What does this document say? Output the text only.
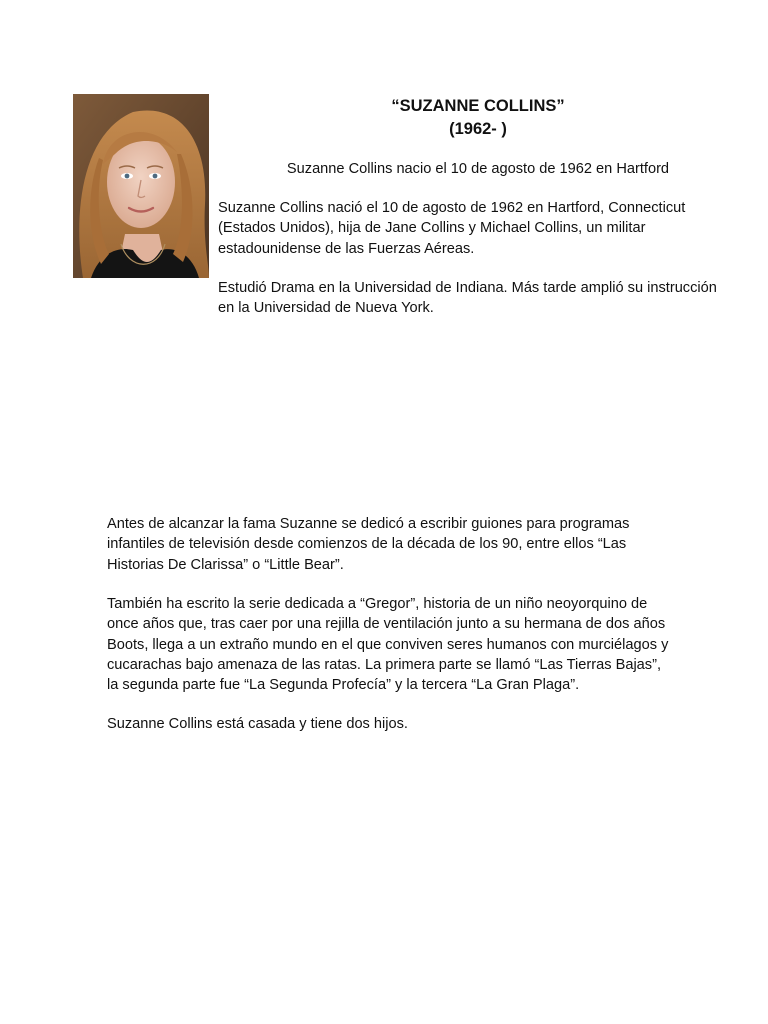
“SUZANNE COLLINS”
(1962- )
Suzanne Collins nacio el 10 de agosto de 1962 en Hartford

Suzanne Collins nació el 10 de agosto de 1962 en Hartford, Connecticut
(Estados Unidos), hija de Jane Collins y Michael Collins, un militar
estadounidense de las Fuerzas Aéreas.

Estudió Drama en la Universidad de Indiana. Más tarde amplió su instrucción
en la Universidad de Nueva York.

Antes de alcanzar la fama Suzanne se dedicó a escribir guiones para programas
infantiles de televisión desde comienzos de la década de los 90, entre ellos “Las
Historias De Clarissa” o “Little Bear”.

También ha escrito la serie dedicada a “Gregor”, historia de un niño neoyorquino de
once años que, tras caer por una rejilla de ventilación junto a su hermana de dos años
Boots, llega a un extraño mundo en el que conviven seres humanos con murciélagos y
cucarachas bajo amenaza de las ratas. La primera parte se llamó “Las Tierras Bajas”,
la segunda parte fue “La Segunda Profecía” y la tercera “La Gran Plaga”.

Suzanne Collins está casada y tiene dos hijos.
